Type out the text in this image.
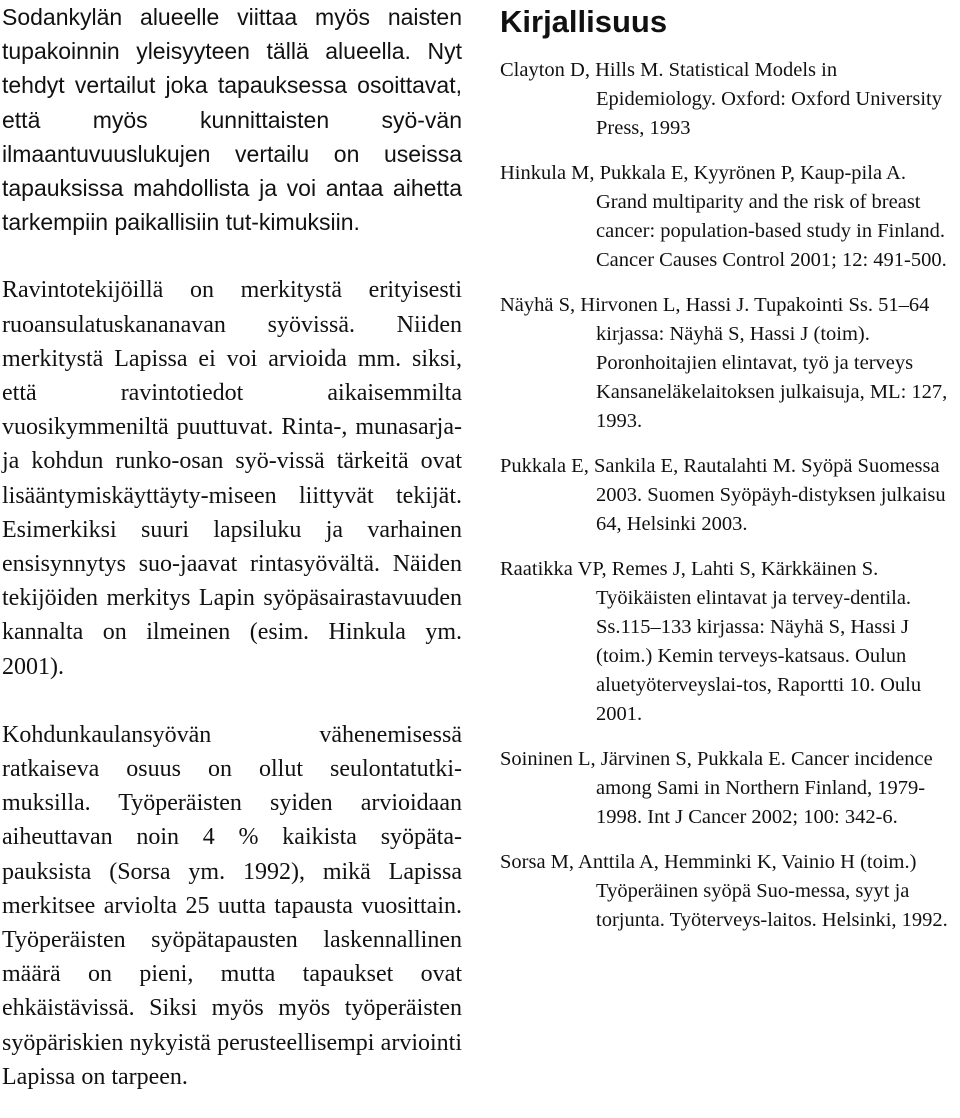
Sodankylän alueelle viittaa myös naisten tupakoinnin yleisyyteen tällä alueella. Nyt tehdyt vertailut joka tapauksessa osoittavat, että myös kunnittaisten syö-vän ilmaantuvuuslukujen vertailu on useissa tapauksissa mahdollista ja voi antaa aihetta tarkempiin paikallisiin tut-kimuksiin.

Ravintotekijöillä on merkitystä erityisesti ruoansulatuskananavan syövissä. Niiden merkitystä Lapissa ei voi arvioida mm. siksi, että ravintotiedot aikaisemmilta vuosikymmeniltä puuttuvat. Rinta-, munasarja- ja kohdun runko-osan syö-vissä tärkeitä ovat lisääntymiskäyttäyty-miseen liittyvät tekijät. Esimerkiksi suuri lapsiluku ja varhainen ensisynnytys suo-jaavat rintasyövältä. Näiden tekijöiden merkitys Lapin syöpäsairastavuuden kannalta on ilmeinen (esim. Hinkula ym. 2001).

Kohdunkaulansyövän vähenemisessä ratkaiseva osuus on ollut seulontatutki-muksilla. Työperäisten syiden arvioidaan aiheuttavan noin 4 % kaikista syöpäta-pauksista (Sorsa ym. 1992), mikä Lapissa merkitsee arviolta 25 uutta tapausta vuosittain. Työperäisten syöpätapausten laskennallinen määrä on pieni, mutta tapaukset ovat ehkäistävissä. Siksi myös myös työperäisten syöpäriskien nykyistä perusteellisempi arviointi Lapissa on tarpeen.

Kirjallisuus

Clayton D, Hills M. Statistical Models in Epidemiology. Oxford: Oxford University Press, 1993

Hinkula M, Pukkala E, Kyyrönen P, Kaup-pila A. Grand multiparity and the risk of breast cancer: population-based study in Finland. Cancer Causes Control 2001; 12: 491-500.

Näyhä S, Hirvonen L, Hassi J. Tupakointi Ss. 51–64 kirjassa: Näyhä S, Hassi J (toim). Poronhoitajien elintavat, työ ja terveys Kansaneläkelaitoksen julkaisuja, ML: 127, 1993.

Pukkala E, Sankila E, Rautalahti M. Syöpä Suomessa 2003. Suomen Syöpäyh-distyksen julkaisu 64, Helsinki 2003.

Raatikka VP, Remes J, Lahti S, Kärkkäinen S. Työikäisten elintavat ja tervey-dentila. Ss.115–133 kirjassa: Näyhä S, Hassi J (toim.) Kemin terveys-katsaus. Oulun aluetyöterveyslai-tos, Raportti 10. Oulu 2001.

Soininen L, Järvinen S, Pukkala E. Cancer incidence among Sami in Northern Finland, 1979-1998. Int J Cancer 2002; 100: 342-6.

Sorsa M, Anttila A, Hemminki K, Vainio H (toim.) Työperäinen syöpä Suo-messa, syyt ja torjunta. Työterveys-laitos. Helsinki, 1992.
